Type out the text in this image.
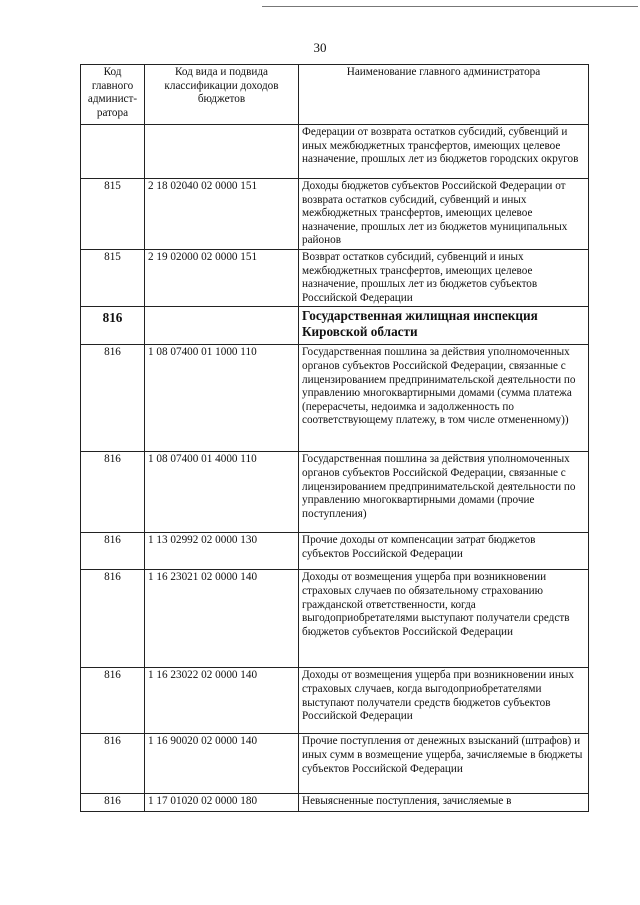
30
Код главного админист-ратора	Код вида и подвида классификации доходов бюджетов	Наименование главного администратора
		Федерации от возврата остатков субсидий, субвенций и иных межбюджетных трансфертов, имеющих целевое назначение, прошлых лет из бюджетов городских округов
815	2 18 02040 02 0000 151	Доходы бюджетов субъектов Российской Федерации от возврата остатков субсидий, субвенций и иных межбюджетных трансфертов, имеющих целевое назначение, прошлых лет из бюджетов муниципальных районов
815	2 19 02000 02 0000 151	Возврат остатков субсидий, субвенций и иных межбюджетных трансфертов, имеющих целевое назначение, прошлых лет из бюджетов субъектов Российской Федерации
816		Государственная жилищная инспекция Кировской области
816	1 08 07400 01 1000 110	Государственная пошлина за действия уполномоченных органов субъектов Российской Федерации, связанные с лицензированием предпринимательской деятельности по управлению многоквартирными домами (сумма платежа (перерасчеты, недоимка и задолженность по соответствующему платежу, в том числе отмененному))
816	1 08 07400 01 4000 110	Государственная пошлина за действия уполномоченных органов субъектов Российской Федерации, связанные с лицензированием предпринимательской деятельности по управлению многоквартирными домами (прочие поступления)
816	1 13 02992 02 0000 130	Прочие доходы от компенсации затрат бюджетов субъектов Российской Федерации
816	1 16 23021 02 0000 140	Доходы от возмещения ущерба при возникновении страховых случаев по обязательному страхованию гражданской ответственности, когда выгодоприобретателями выступают получатели средств бюджетов субъектов Российской Федерации
816	1 16 23022 02 0000 140	Доходы от возмещения ущерба при возникновении иных страховых случаев, когда выгодоприобретателями выступают получатели средств бюджетов субъектов Российской Федерации
816	1 16 90020 02 0000 140	Прочие поступления от денежных взысканий (штрафов) и иных сумм в возмещение ущерба, зачисляемые в бюджеты субъектов Российской Федерации
816	1 17 01020 02 0000 180	Невыясненные поступления, зачисляемые в
